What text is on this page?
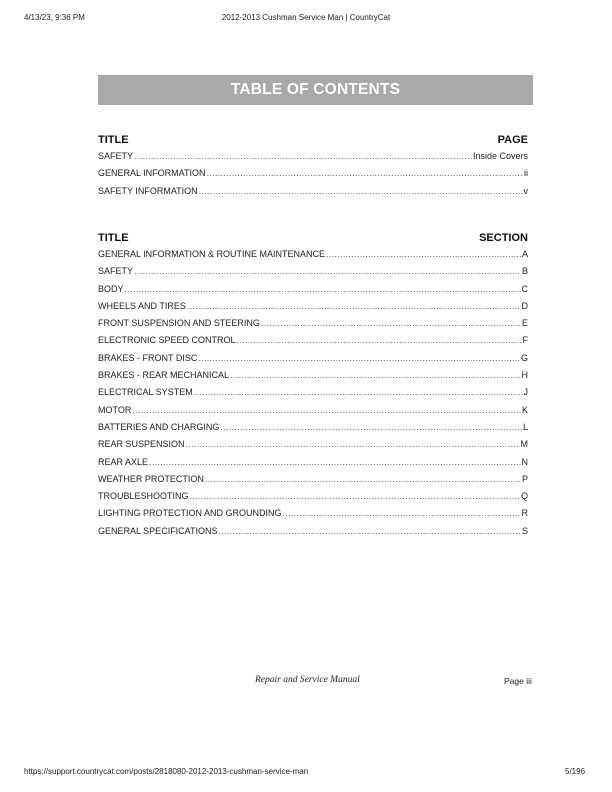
4/13/23, 9:36 PM	2012-2013 Cushman Service Man | CountryCat
TABLE OF CONTENTS
TITLE	PAGE
SAFETY .....	Inside Covers
GENERAL INFORMATION .....	ii
SAFETY INFORMATION .....	v
TITLE	SECTION
GENERAL INFORMATION & ROUTINE MAINTENANCE .....	A
SAFETY .....	B
BODY .....	C
WHEELS AND TIRES .....	D
FRONT SUSPENSION AND STEERING .....	E
ELECTRONIC SPEED CONTROL .....	F
BRAKES - FRONT DISC .....	G
BRAKES - REAR MECHANICAL .....	H
ELECTRICAL SYSTEM .....	J
MOTOR .....	K
BATTERIES AND CHARGING .....	L
REAR SUSPENSION .....	M
REAR AXLE .....	N
WEATHER PROTECTION .....	P
TROUBLESHOOTING .....	Q
LIGHTING PROTECTION AND GROUNDING .....	R
GENERAL SPECIFICATIONS .....	S
Repair and Service Manual	Page iii
https://support.countrycat.com/posts/2818080-2012-2013-cushman-service-man	5/196
